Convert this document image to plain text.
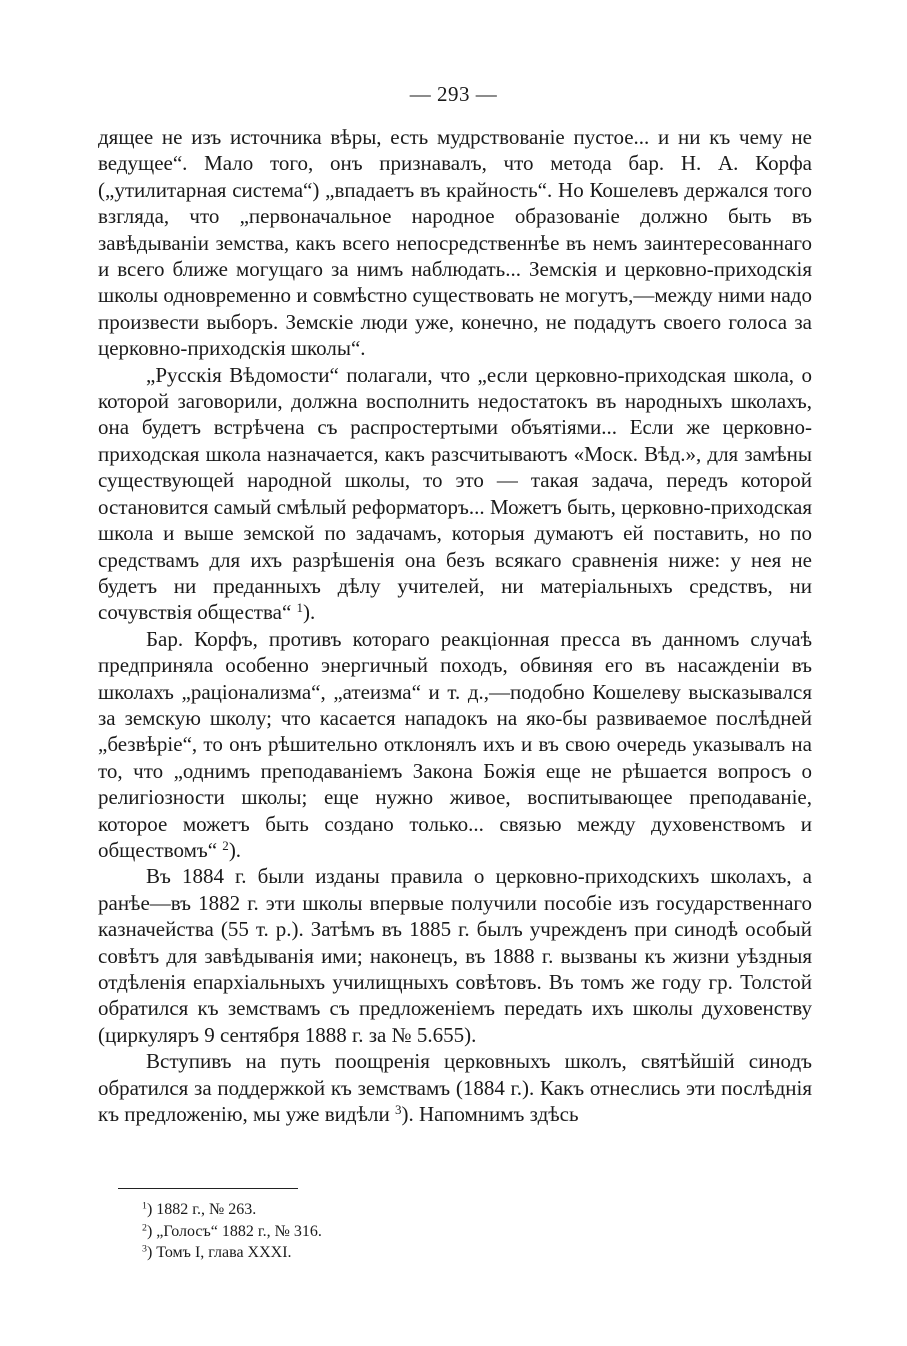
— 293 —

дящее не изъ источника вѣры, есть мудрствованіе пустое... и ни къ чему не ведущее“. Мало того, онъ признавалъ, что метода бар. Н. А. Корфа („утилитарная система“) „впадаетъ въ крайность“. Но Кошелевъ держался того взгляда, что „первоначальное народное образованіе должно быть въ завѣдываніи земства, какъ всего непосредственнѣе въ немъ заинтересованнаго и всего ближе могущаго за нимъ наблюдать... Земскія и церковно-приходскія школы одновременно и совмѣстно существовать не могутъ,—между ними надо произвести выборъ. Земскіе люди уже, конечно, не подадутъ своего голоса за церковно-приходскія школы“.

„Русскія Вѣдомости“ полагали, что „если церковно-приходская школа, о которой заговорили, должна восполнить недостатокъ въ народныхъ школахъ, она будетъ встрѣчена съ распростертыми объятіями... Если же церковно-приходская школа назначается, какъ разсчитываютъ «Моск. Вѣд.», для замѣны существующей народной школы, то это — такая задача, передъ которой остановится самый смѣлый реформаторъ... Можетъ быть, церковно-приходская школа и выше земской по задачамъ, которыя думаютъ ей поставить, но по средствамъ для ихъ разрѣшенія она безъ всякаго сравненія ниже: у нея не будетъ ни преданныхъ дѣлу учителей, ни матеріальныхъ средствъ, ни сочувствія общества“ $^1$).

Бар. Корфъ, противъ котораго реакціонная пресса въ данномъ случаѣ предприняла особенно энергичный походъ, обвиняя его въ насажденіи въ школахъ „раціонализма“, „атеизма“ и т. д.,—подобно Кошелеву высказывался за земскую школу; что касается нападокъ на яко-бы развиваемое послѣдней „безвѣріе“, то онъ рѣшительно отклонялъ ихъ и въ свою очередь указывалъ на то, что „однимъ преподаваніемъ Закона Божія еще не рѣшается вопросъ о религіозности школы; еще нужно живое, воспитывающее преподаваніе, которое можетъ быть создано только... связью между духовенствомъ и обществомъ“ $^2$).

Въ 1884 г. были изданы правила о церковно-приходскихъ школахъ, а ранѣе—въ 1882 г. эти школы впервые получили пособіе изъ государственнаго казначейства (55 т. р.). Затѣмъ въ 1885 г. былъ учрежденъ при синодѣ особый совѣтъ для завѣдыванія ими; наконецъ, въ 1888 г. вызваны къ жизни уѣздныя отдѣленія епархіальныхъ училищныхъ совѣтовъ. Въ томъ же году гр. Толстой обратился къ земствамъ съ предложеніемъ передать ихъ школы духовенству (циркуляръ 9 сентября 1888 г. за № 5.655).

Вступивъ на путь поощренія церковныхъ школъ, святѣйшій синодъ обратился за поддержкой къ земствамъ (1884 г.). Какъ отнеслись эти послѣднія къ предложенію, мы уже видѣли $^3$). Напомнимъ здѣсь

$^1$) 1882 г., № 263.

$^2$) „Голосъ“ 1882 г., № 316.

$^3$) Томъ I, глава XXXI.
